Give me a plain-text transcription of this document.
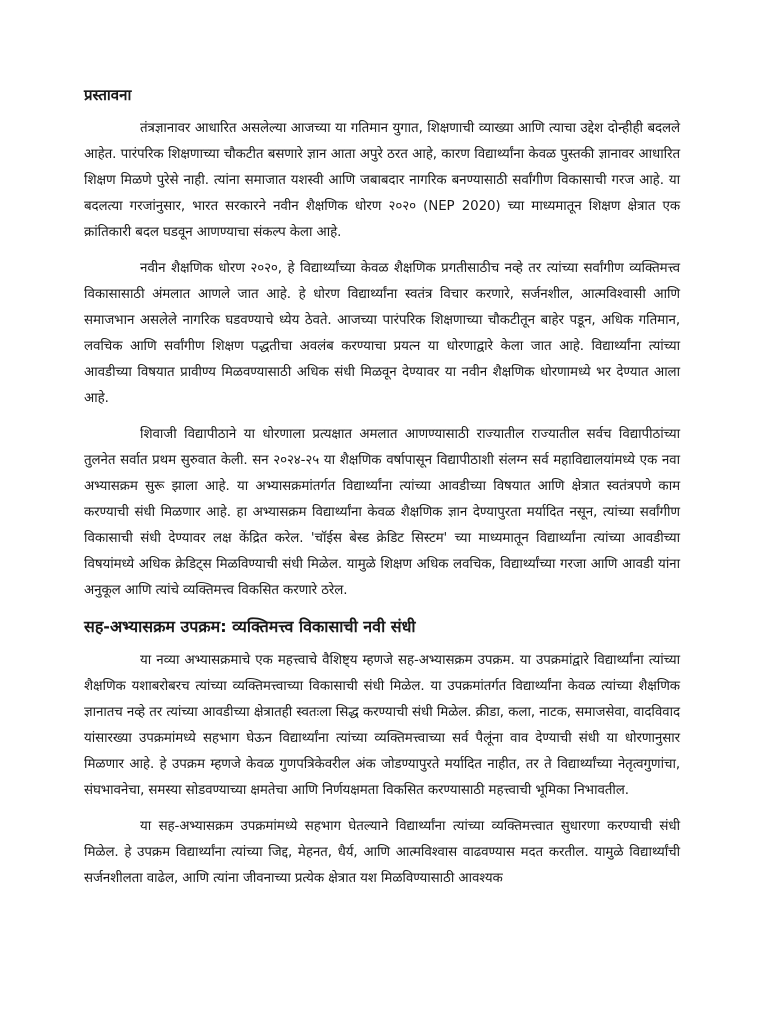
प्रस्तावना

तंत्रज्ञानावर आधारित असलेल्या आजच्या या गतिमान युगात, शिक्षणाची व्याख्या आणि त्याचा उद्देश दोन्हीही बदलले आहेत. पारंपरिक शिक्षणाच्या चौकटीत बसणारे ज्ञान आता अपुरे ठरत आहे, कारण विद्यार्थ्यांना केवळ पुस्तकी ज्ञानावर आधारित शिक्षण मिळणे पुरेसे नाही. त्यांना समाजात यशस्वी आणि जबाबदार नागरिक बनण्यासाठी सर्वांगीण विकासाची गरज आहे. या बदलत्या गरजांनुसार, भारत सरकारने नवीन शैक्षणिक धोरण २०२० (NEP 2020) च्या माध्यमातून शिक्षण क्षेत्रात एक क्रांतिकारी बदल घडवून आणण्याचा संकल्प केला आहे.

नवीन शैक्षणिक धोरण २०२०, हे विद्यार्थ्यांच्या केवळ शैक्षणिक प्रगतीसाठीच नव्हे तर त्यांच्या सर्वांगीण व्यक्तिमत्त्व विकासासाठी अंमलात आणले जात आहे. हे धोरण विद्यार्थ्यांना स्वतंत्र विचार करणारे, सर्जनशील, आत्मविश्वासी आणि समाजभान असलेले नागरिक घडवण्याचे ध्येय ठेवते. आजच्या पारंपरिक शिक्षणाच्या चौकटीतून बाहेर पडून, अधिक गतिमान, लवचिक आणि सर्वांगीण शिक्षण पद्धतीचा अवलंब करण्याचा प्रयत्न या धोरणाद्वारे केला जात आहे. विद्यार्थ्यांना त्यांच्या आवडीच्या विषयात प्रावीण्य मिळवण्यासाठी अधिक संधी मिळवून देण्यावर या नवीन शैक्षणिक धोरणामध्ये भर देण्यात आला आहे.

शिवाजी विद्यापीठाने या धोरणाला प्रत्यक्षात अमलात आणण्यासाठी राज्यातील राज्यातील सर्वच विद्यापीठांच्या तुलनेत सर्वात प्रथम सुरुवात केली. सन २०२४-२५ या शैक्षणिक वर्षापासून विद्यापीठाशी संलग्न सर्व महाविद्यालयांमध्ये एक नवा अभ्यासक्रम सुरू झाला आहे. या अभ्यासक्रमांतर्गत विद्यार्थ्यांना त्यांच्या आवडीच्या विषयात आणि क्षेत्रात स्वतंत्रपणे काम करण्याची संधी मिळणार आहे. हा अभ्यासक्रम विद्यार्थ्यांना केवळ शैक्षणिक ज्ञान देण्यापुरता मर्यादित नसून, त्यांच्या सर्वांगीण विकासाची संधी देण्यावर लक्ष केंद्रित करेल. 'चॉईस बेस्ड क्रेडिट सिस्टम' च्या माध्यमातून विद्यार्थ्यांना त्यांच्या आवडीच्या विषयांमध्ये अधिक क्रेडिट्स मिळविण्याची संधी मिळेल. यामुळे शिक्षण अधिक लवचिक, विद्यार्थ्यांच्या गरजा आणि आवडी यांना अनुकूल आणि त्यांचे व्यक्तिमत्त्व विकसित करणारे ठरेल.

सह-अभ्यासक्रम उपक्रम: व्यक्तिमत्त्व विकासाची नवी संधी

या नव्या अभ्यासक्रमाचे एक महत्त्वाचे वैशिष्ट्य म्हणजे सह-अभ्यासक्रम उपक्रम. या उपक्रमांद्वारे विद्यार्थ्यांना त्यांच्या शैक्षणिक यशाबरोबरच त्यांच्या व्यक्तिमत्त्वाच्या विकासाची संधी मिळेल. या उपक्रमांतर्गत विद्यार्थ्यांना केवळ त्यांच्या शैक्षणिक ज्ञानातच नव्हे तर त्यांच्या आवडीच्या क्षेत्रातही स्वतःला सिद्ध करण्याची संधी मिळेल. क्रीडा, कला, नाटक, समाजसेवा, वादविवाद यांसारख्या उपक्रमांमध्ये सहभाग घेऊन विद्यार्थ्यांना त्यांच्या व्यक्तिमत्त्वाच्या सर्व पैलूंना वाव देण्याची संधी या धोरणानुसार मिळणार आहे. हे उपक्रम म्हणजे केवळ गुणपत्रिकेवरील अंक जोडण्यापुरते मर्यादित नाहीत, तर ते विद्यार्थ्यांच्या नेतृत्वगुणांचा, संघभावनेचा, समस्या सोडवण्याच्या क्षमतेचा आणि निर्णयक्षमता विकसित करण्यासाठी महत्त्वाची भूमिका निभावतील.

या सह-अभ्यासक्रम उपक्रमांमध्ये सहभाग घेतल्याने विद्यार्थ्यांना त्यांच्या व्यक्तिमत्त्वात सुधारणा करण्याची संधी मिळेल. हे उपक्रम विद्यार्थ्यांना त्यांच्या जिद्द, मेहनत, धैर्य, आणि आत्मविश्वास वाढवण्यास मदत करतील. यामुळे विद्यार्थ्यांची सर्जनशीलता वाढेल, आणि त्यांना जीवनाच्या प्रत्येक क्षेत्रात यश मिळविण्यासाठी आवश्यक
